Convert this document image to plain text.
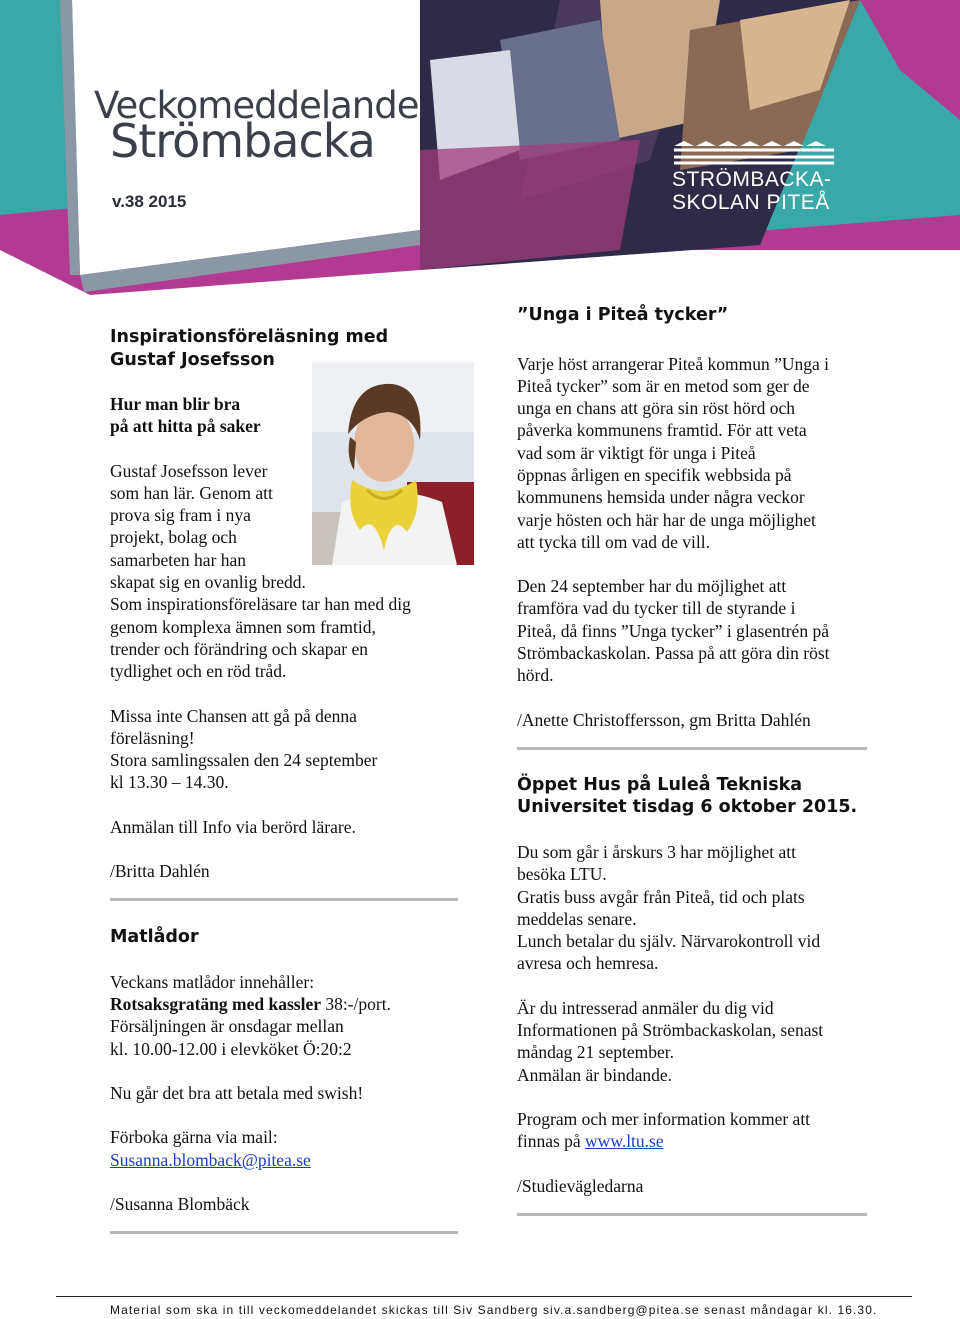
Veckomeddelande
Strömbacka
v.38 2015
STRÖMBACKA-
SKOLAN PITEÅ
Inspirationsföreläsning med Gustaf Josefsson
Hur man blir bra
på att hitta på saker
Gustaf Josefsson lever
som han lär. Genom att
prova sig fram i nya
projekt, bolag och
samarbeten har han
skapat sig en ovanlig bredd.
Som inspirationsföreläsare tar han med dig
genom komplexa ämnen som framtid,
trender och förändring och skapar en
tydlighet och en röd tråd.
Missa inte Chansen att gå på denna
föreläsning!
Stora samlingssalen den 24 september
kl 13.30 – 14.30.
Anmälan till Info via berörd lärare.
/Britta Dahlén
Matlådor
Veckans matlådor innehåller:
Rotsaksgratäng med kassler 38:-/port.
Försäljningen är onsdagar mellan
kl. 10.00-12.00 i elevköket Ö:20:2
Nu går det bra att betala med swish!
Förboka gärna via mail:
Susanna.blomback@pitea.se
/Susanna Blombäck
”Unga i Piteå tycker”
Varje höst arrangerar Piteå kommun ”Unga i
Piteå tycker” som är en metod som ger de
unga en chans att göra sin röst hörd och
påverka kommunens framtid. För att veta
vad som är viktigt för unga i Piteå
öppnas årligen en specifik webbsida på
kommunens hemsida under några veckor
varje hösten och här har de unga möjlighet
att tycka till om vad de vill.
Den 24 september har du möjlighet att
framföra vad du tycker till de styrande i
Piteå, då finns ”Unga tycker” i glasentrén på
Strömbackaskolan. Passa på att göra din röst
hörd.
/Anette Christoffersson, gm Britta Dahlén
Öppet Hus på Luleå Tekniska
Universitet tisdag 6 oktober 2015.
Du som går i årskurs 3 har möjlighet att
besöka LTU.
Gratis buss avgår från Piteå, tid och plats
meddelas senare.
Lunch betalar du själv. Närvarokontroll vid
avresa och hemresa.
Är du intresserad anmäler du dig vid
Informationen på Strömbackaskolan, senast
måndag 21 september.
Anmälan är bindande.
Program och mer information kommer att
finnas på www.ltu.se
/Studievägledarna
Material som ska in till veckomeddelandet skickas till Siv Sandberg siv.a.sandberg@pitea.se senast måndagar kl. 16.30.
